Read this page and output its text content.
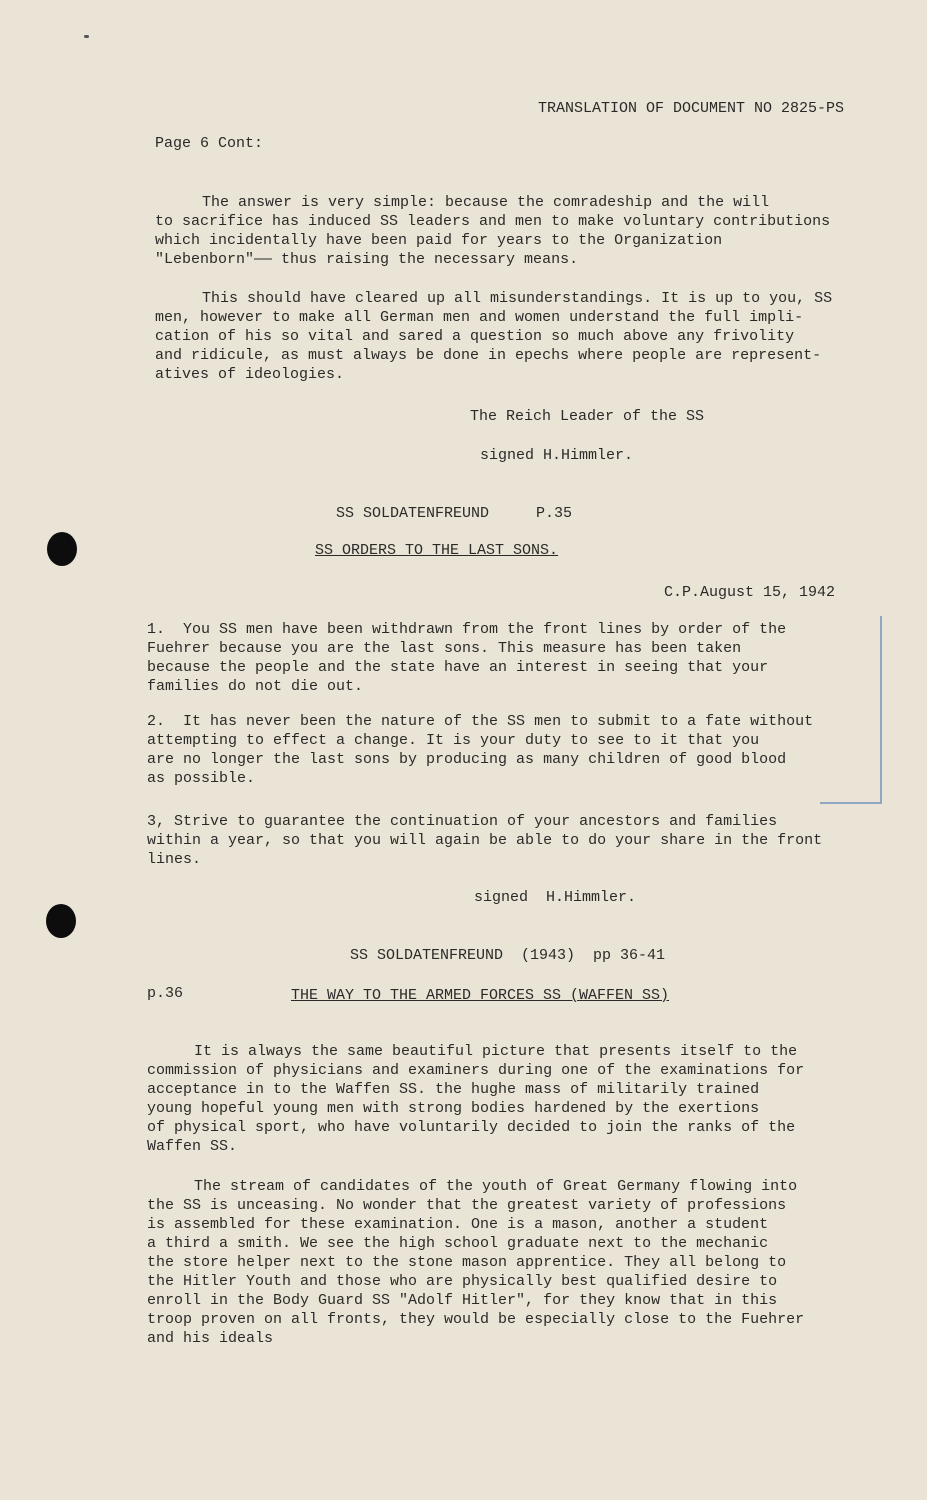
TRANSLATION OF DOCUMENT NO 2825-PS
Page 6 Cont:
The answer is very simple: because the comradeship and the will
to sacrifice has induced SS leaders and men to make voluntary contributions
which incidentally have been paid for years to the Organization
"Lebenborn"—— thus raising the necessary means.
This should have cleared up all misunderstandings. It is up to you, SS
men, however to make all German men and women understand the full impli-
cation of his so vital and sared a question so much above any frivolity
and ridicule, as must always be done in epechs where people are represent-
atives of ideologies.
The Reich Leader of the SS
signed H.Himmler.
SS SOLDATENFREUND	P.35
SS ORDERS TO THE LAST SONS.
C.P.August 15, 1942
1.  You SS men have been withdrawn from the front lines by order of the
Fuehrer because you are the last sons. This measure has been taken
because the people and the state have an interest in seeing that your
families do not die out.
2.  It has never been the nature of the SS men to submit to a fate without
attempting to effect a change. It is your duty to see to it that you
are no longer the last sons by producing as many children of good blood
as possible.
3, Strive to guarantee the continuation of your ancestors and families
within a year, so that you will again be able to do your share in the front
lines.
signed  H.Himmler.
SS SOLDATENFREUND  (1943)  pp 36-41
p.36	THE WAY TO THE ARMED FORCES SS (WAFFEN SS)
It is always the same beautiful picture that presents itself to the
commission of physicians and examiners during one of the examinations for
acceptance in to the Waffen SS. the hughe mass of militarily trained
young hopeful young men with strong bodies hardened by the exertions
of physical sport, who have voluntarily decided to join the ranks of the
Waffen SS.
The stream of candidates of the youth of Great Germany flowing into
the SS is unceasing. No wonder that the greatest variety of professions
is assembled for these examination. One is a mason, another a student
a third a smith. We see the high school graduate next to the mechanic
the store helper next to the stone mason apprentice. They all belong to
the Hitler Youth and those who are physically best qualified desire to
enroll in the Body Guard SS "Adolf Hitler", for they know that in this
troop proven on all fronts, they would be especially close to the Fuehrer
and his ideals
